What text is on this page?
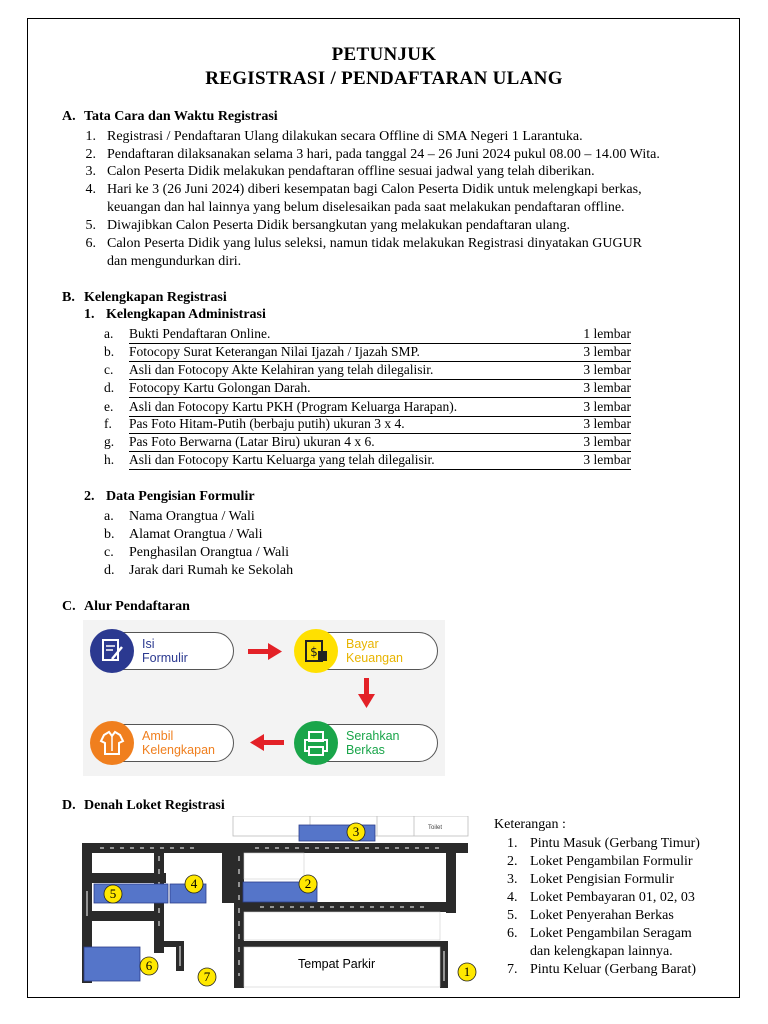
PETUNJUK
REGISTRASI / PENDAFTARAN ULANG
A. Tata Cara dan Waktu Registrasi
1. Registrasi / Pendaftaran Ulang dilakukan secara Offline di SMA Negeri 1 Larantuka.
2. Pendaftaran dilaksanakan selama 3 hari, pada tanggal 24 – 26 Juni 2024 pukul 08.00 – 14.00 Wita.
3. Calon Peserta Didik melakukan pendaftaran offline sesuai jadwal yang telah diberikan.
4. Hari ke 3 (26 Juni 2024) diberi kesempatan bagi Calon Peserta Didik untuk melengkapi berkas,
keuangan dan hal lainnya yang belum diselesaikan pada saat melakukan pendaftaran offline.
5. Diwajibkan Calon Peserta Didik bersangkutan yang melakukan pendaftaran ulang.
6. Calon Peserta Didik yang lulus seleksi, namun tidak melakukan Registrasi dinyatakan GUGUR
dan mengundurkan diri.
B. Kelengkapan Registrasi
1. Kelengkapan Administrasi
a.	Bukti Pendaftaran Online.	1 lembar
b.	Fotocopy Surat Keterangan Nilai Ijazah / Ijazah SMP.	3 lembar
c.	Asli dan Fotocopy Akte Kelahiran yang telah dilegalisir.	3 lembar
d.	Fotocopy Kartu Golongan Darah.	3 lembar
e.	Asli dan Fotocopy Kartu PKH (Program Keluarga Harapan).	3 lembar
f.	Pas Foto Hitam-Putih (berbaju putih) ukuran 3 x 4.	3 lembar
g.	Pas Foto Berwarna (Latar Biru) ukuran 4 x 6.	3 lembar
h.	Asli dan Fotocopy Kartu Keluarga yang telah dilegalisir.	3 lembar
2. Data Pengisian Formulir
a. Nama Orangtua / Wali
b. Alamat Orangtua / Wali
c. Penghasilan Orangtua / Wali
d. Jarak dari Rumah ke Sekolah
C. Alur Pendaftaran
Isi
Formulir	$
Bayar
Keuangan
Serahkan
Berkas
Ambil
Kelengkapan
D. Denah Loket Registrasi
Toilet
Tempat Parkir
3
2
4
5
6
7	1
Keterangan :
1. Pintu Masuk (Gerbang Timur)
2. Loket Pengambilan Formulir
3. Loket Pengisian Formulir
4. Loket Pembayaran 01, 02, 03
5. Loket Penyerahan Berkas
6. Loket Pengambilan Seragam
dan kelengkapan lainnya.
7. Pintu Keluar (Gerbang Barat)
